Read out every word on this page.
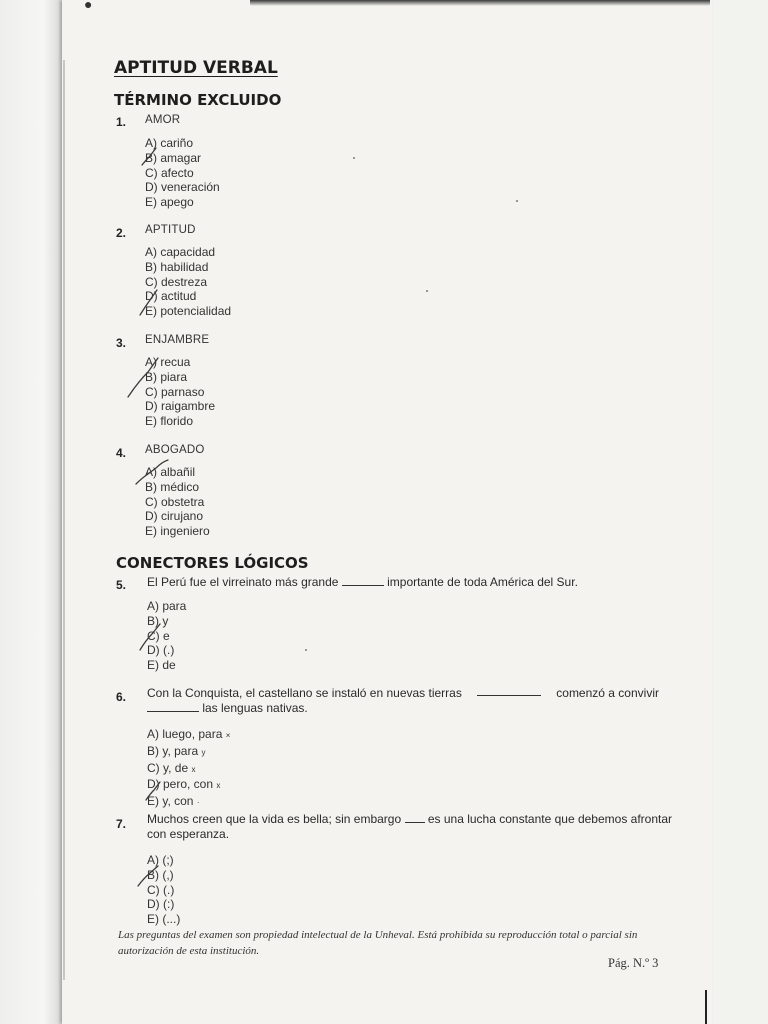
●
APTITUD VERBAL
TÉRMINO EXCLUIDO
1. AMOR
A) cariño
B) amagar
C) afecto
D) veneración
E) apego
2. APTITUD
A) capacidad
B) habilidad
C) destreza
D) actitud
E) potencialidad
3. ENJAMBRE
A) recua
B) piara
C) parnaso
D) raigambre
E) florido
4. ABOGADO
A) albañil
B) médico
C) obstetra
D) cirujano
E) ingeniero
CONECTORES LÓGICOS
5. El Perú fue el virreinato más grande	importante de toda América del Sur.
A) para
B) y
C) e
D) (.)
E) de
6. Con la Conquista, el castellano se instaló en nuevas tierras	comenzó a convivir
las lenguas nativas.
A) luego, para ×
B) y, para y
C) y, de x
D) pero, con x
E) y, con ·
7. Muchos creen que la vida es bella; sin embargo es una lucha constante que debemos afrontar
con esperanza.
A) (;)
B) (,)
C) (.)
D) (:)
E) (...)
Las preguntas del examen son propiedad intelectual de la Unheval. Está prohibida su reproducción total o parcial sin autorización de esta institución.
Pág. N.º 3
